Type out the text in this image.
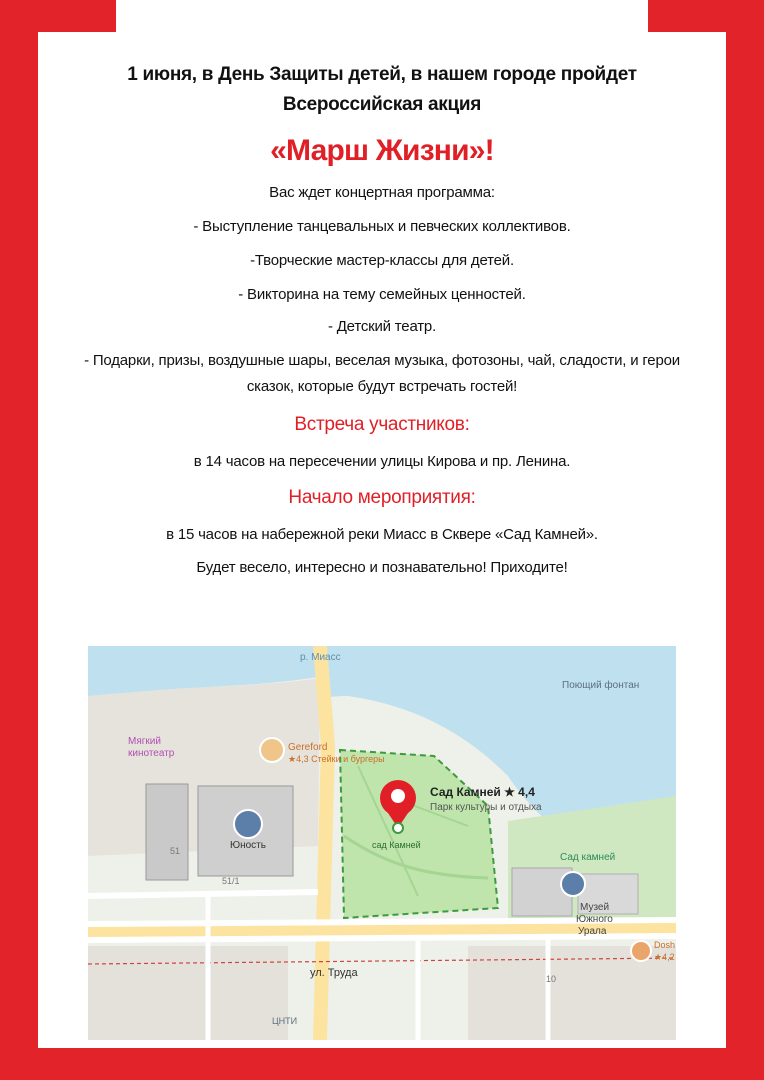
1 июня, в День Защиты детей, в нашем городе пройдет
Всероссийская акция
«Марш Жизни»!
Вас ждет концертная программа:
- Выступление танцевальных и певческих коллективов.
-Творческие мастер-классы для детей.
- Викторина на тему семейных ценностей.
- Детский театр.
- Подарки, призы, воздушные шары, веселая музыка, фотозоны, чай, сладости, и герои
сказок, которые будут встречать гостей!
Встреча участников:
в 14 часов на пересечении улицы Кирова и пр. Ленина.
Начало мероприятия:
в 15 часов на набережной реки Миасс в Сквере «Сад Камней».
Будет весело, интересно и познавательно! Приходите!
р. Миасс
Поющий фонтан
Мягкий
кинотеатр
Gereford
★4,3 Стейки и бургеры
Сад Камней ★ 4,4
Парк культуры и отдыха
сад Камней
Юность
51
51/1
Сад камней
Музей
Южного
Урала
ул. Труда
ЦНТИ
Dosh
★4,2
10
